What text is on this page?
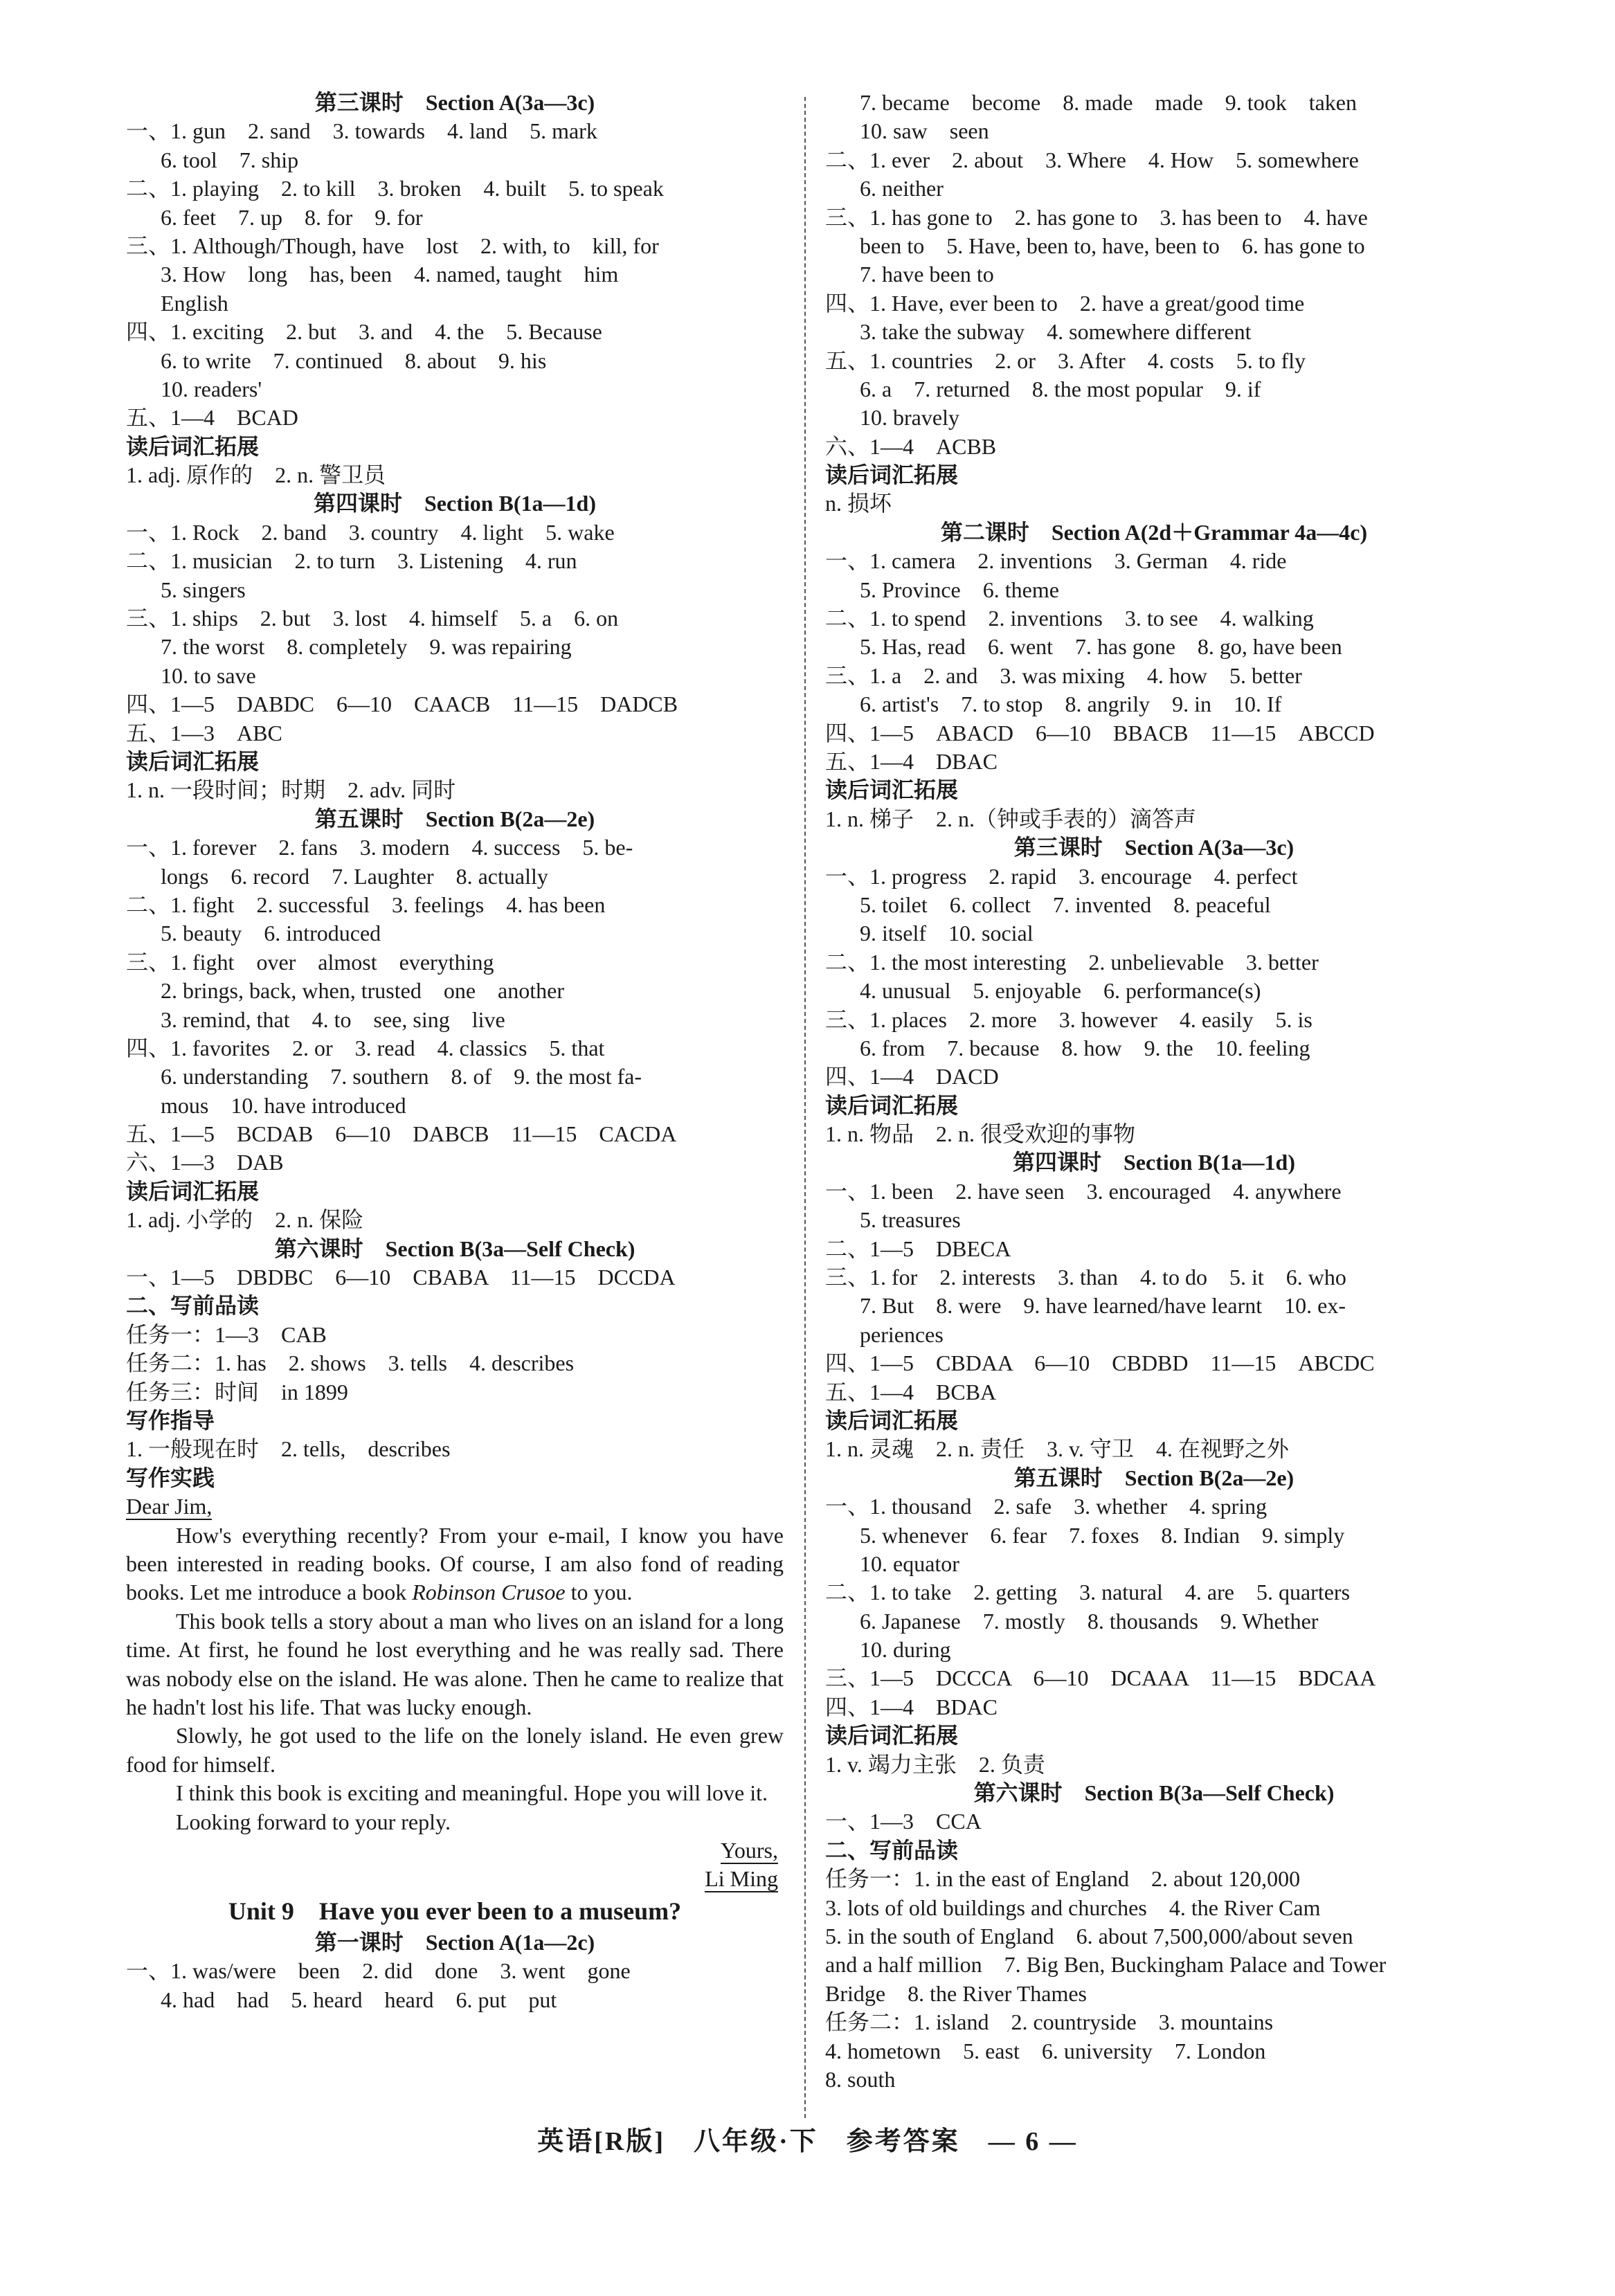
第三课时　Section A(3a—3c)
一、1. gun　2. sand　3. towards　4. land　5. mark
6. tool　7. ship
二、1. playing　2. to kill　3. broken　4. built　5. to speak
6. feet　7. up　8. for　9. for
三、1. Although/Though, have　lost　2. with, to　kill, for
3. How　long　has, been　4. named, taught　him
English
四、1. exciting　2. but　3. and　4. the　5. Because
6. to write　7. continued　8. about　9. his
10. readers'
五、1—4　BCAD
读后词汇拓展
1. adj. 原作的　2. n. 警卫员
第四课时　Section B(1a—1d)
一、1. Rock　2. band　3. country　4. light　5. wake
二、1. musician　2. to turn　3. Listening　4. run
5. singers
三、1. ships　2. but　3. lost　4. himself　5. a　6. on
7. the worst　8. completely　9. was repairing
10. to save
四、1—5　DABDC　6—10　CAACB　11—15　DADCB
五、1—3　ABC
读后词汇拓展
1. n. 一段时间；时期　2. adv. 同时
第五课时　Section B(2a—2e)
一、1. forever　2. fans　3. modern　4. success　5. be-
longs　6. record　7. Laughter　8. actually
二、1. fight　2. successful　3. feelings　4. has been
5. beauty　6. introduced
三、1. fight　over　almost　everything
2. brings, back, when, trusted　one　another
3. remind, that　4. to　see, sing　live
四、1. favorites　2. or　3. read　4. classics　5. that
6. understanding　7. southern　8. of　9. the most fa-
mous　10. have introduced
五、1—5　BCDAB　6—10　DABCB　11—15　CACDA
六、1—3　DAB
读后词汇拓展
1. adj. 小学的　2. n. 保险
第六课时　Section B(3a—Self Check)
一、1—5　DBDBC　6—10　CBABA　11—15　DCCDA
二、写前品读
任务一：1—3　CAB
任务二：1. has　2. shows　3. tells　4. describes
任务三：时间　in 1899
写作指导
1. 一般现在时　2. tells,　describes
写作实践
Dear Jim,
How's everything recently? From your e-mail, I know you have been interested in reading books. Of course, I am also fond of reading books. Let me introduce a book Robinson Crusoe to you.
This book tells a story about a man who lives on an island for a long time. At first, he found he lost everything and he was really sad. There was nobody else on the island. He was alone. Then he came to realize that he hadn't lost his life. That was lucky enough.
Slowly, he got used to the life on the lonely island. He even grew food for himself.
I think this book is exciting and meaningful. Hope you will love it.
Looking forward to your reply.
Yours,
Li Ming
Unit 9　Have you ever been to a museum?
第一课时　Section A(1a—2c)
一、1. was/were　been　2. did　done　3. went　gone
4. had　had　5. heard　heard　6. put　put
7. became　become　8. made　made　9. took　taken
10. saw　seen
二、1. ever　2. about　3. Where　4. How　5. somewhere
6. neither
三、1. has gone to　2. has gone to　3. has been to　4. have
been to　5. Have, been to, have, been to　6. has gone to
7. have been to
四、1. Have, ever been to　2. have a great/good time
3. take the subway　4. somewhere different
五、1. countries　2. or　3. After　4. costs　5. to fly
6. a　7. returned　8. the most popular　9. if
10. bravely
六、1—4　ACBB
读后词汇拓展
n. 损坏
第二课时　Section A(2d＋Grammar 4a—4c)
一、1. camera　2. inventions　3. German　4. ride
5. Province　6. theme
二、1. to spend　2. inventions　3. to see　4. walking
5. Has, read　6. went　7. has gone　8. go, have been
三、1. a　2. and　3. was mixing　4. how　5. better
6. artist's　7. to stop　8. angrily　9. in　10. If
四、1—5　ABACD　6—10　BBACB　11—15　ABCCD
五、1—4　DBAC
读后词汇拓展
1. n. 梯子　2. n.（钟或手表的）滴答声
第三课时　Section A(3a—3c)
一、1. progress　2. rapid　3. encourage　4. perfect
5. toilet　6. collect　7. invented　8. peaceful
9. itself　10. social
二、1. the most interesting　2. unbelievable　3. better
4. unusual　5. enjoyable　6. performance(s)
三、1. places　2. more　3. however　4. easily　5. is
6. from　7. because　8. how　9. the　10. feeling
四、1—4　DACD
读后词汇拓展
1. n. 物品　2. n. 很受欢迎的事物
第四课时　Section B(1a—1d)
一、1. been　2. have seen　3. encouraged　4. anywhere
5. treasures
二、1—5　DBECA
三、1. for　2. interests　3. than　4. to do　5. it　6. who
7. But　8. were　9. have learned/have learnt　10. ex-
periences
四、1—5　CBDAA　6—10　CBDBD　11—15　ABCDC
五、1—4　BCBA
读后词汇拓展
1. n. 灵魂　2. n. 责任　3. v. 守卫　4. 在视野之外
第五课时　Section B(2a—2e)
一、1. thousand　2. safe　3. whether　4. spring
5. whenever　6. fear　7. foxes　8. Indian　9. simply
10. equator
二、1. to take　2. getting　3. natural　4. are　5. quarters
6. Japanese　7. mostly　8. thousands　9. Whether
10. during
三、1—5　DCCCA　6—10　DCAAA　11—15　BDCAA
四、1—4　BDAC
读后词汇拓展
1. v. 竭力主张　2. 负责
第六课时　Section B(3a—Self Check)
一、1—3　CCA
二、写前品读
任务一：1. in the east of England　2. about 120,000
3. lots of old buildings and churches　4. the River Cam
5. in the south of England　6. about 7,500,000/about seven
and a half million　7. Big Ben, Buckingham Palace and Tower
Bridge　8. the River Thames
任务二：1. island　2. countryside　3. mountains
4. hometown　5. east　6. university　7. London
8. south
英语[R版]　八年级·下　参考答案　— 6 —
